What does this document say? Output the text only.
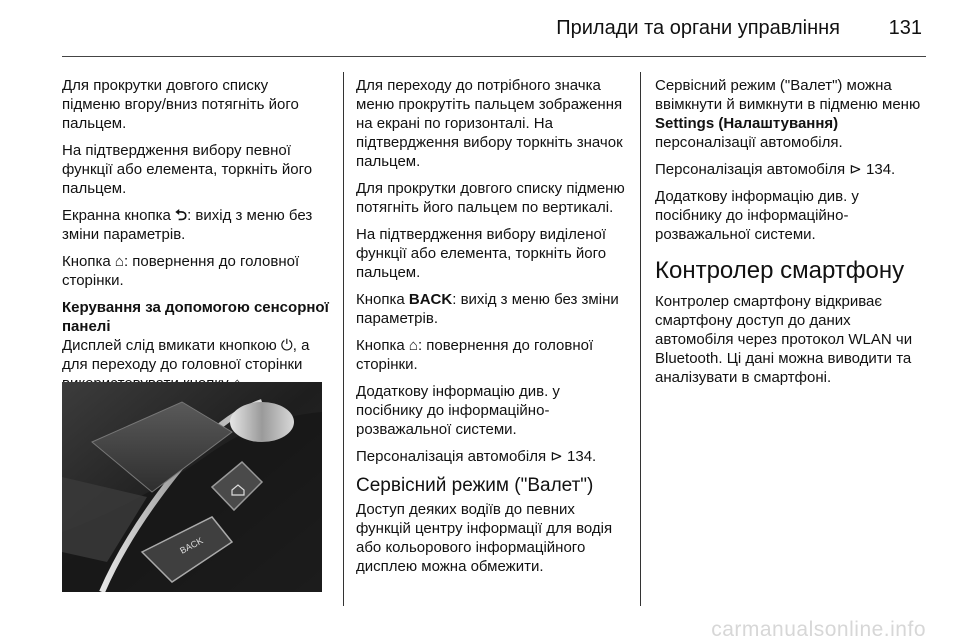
Прилади та органи управління	131

Для прокрутки довгого списку підменю вгору/вниз потягніть його пальцем.

На підтвердження вибору певної функції або елемента, торкніть його пальцем.

Екранна кнопка ⮌: вихід з меню без зміни параметрів.

Кнопка ⌂: повернення до головної сторінки.

Керування за допомогою сенсорної панелі

Дисплей слід вмикати кнопкою ⏻, а для переходу до головної сторінки

BACK

Для переходу до потрібного значка меню прокрутіть пальцем зображення на екрані по горизонталі. На підтвердження вибору торкніть значок пальцем.

Для прокрутки довгого списку підменю потягніть його пальцем по вертикалі.

На підтвердження вибору виділеної функції або елемента, торкніть його пальцем.

Кнопка BACK: вихід з меню без зміни параметрів.

Кнопка ⌂: повернення до головної сторінки.

Додаткову інформацію див. у посібнику до інформаційно-розважальної системи.

Персоналізація автомобіля ⊳ 134.

Сервісний режим ("Валет")

Доступ деяких водіїв до певних функцій центру інформації для водія або кольорового інформаційного дисплею можна обмежити.

Сервісний режим ("Валет") можна ввімкнути й вимкнути в підменю меню Settings (Налаштування) персоналізації автомобіля.

Персоналізація автомобіля ⊳ 134.

Додаткову інформацію див. у посібнику до інформаційно-розважальної системи.

Контролер смартфону

Контролер смартфону відкриває смартфону доступ до даних автомобіля через протокол WLAN чи Bluetooth. Ці дані можна виводити та аналізувати в смартфоні.

carmanualsonline.info
